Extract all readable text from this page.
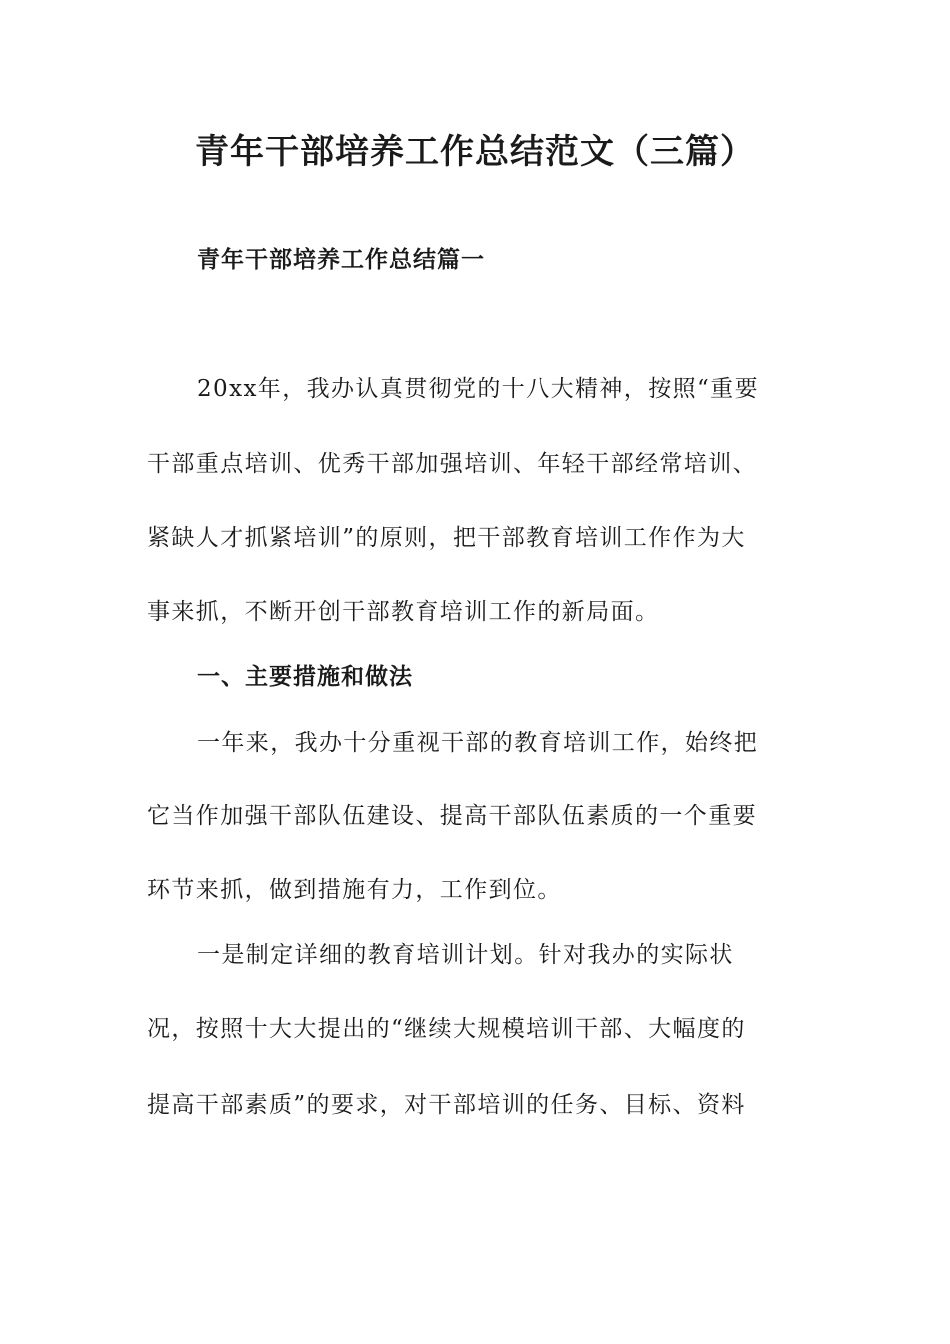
青年干部培养工作总结范文（三篇）
青年干部培养工作总结篇一

20xx年，我办认真贯彻党的十八大精神，按照“重要

干部重点培训、优秀干部加强培训、年轻干部经常培训、

紧缺人才抓紧培训”的原则，把干部教育培训工作作为大

事来抓，不断开创干部教育培训工作的新局面。

一、主要措施和做法

一年来，我办十分重视干部的教育培训工作，始终把

它当作加强干部队伍建设、提高干部队伍素质的一个重要

环节来抓，做到措施有力，工作到位。

一是制定详细的教育培训计划。针对我办的实际状

况，按照十大大提出的“继续大规模培训干部、大幅度的

提高干部素质”的要求，对干部培训的任务、目标、资料
